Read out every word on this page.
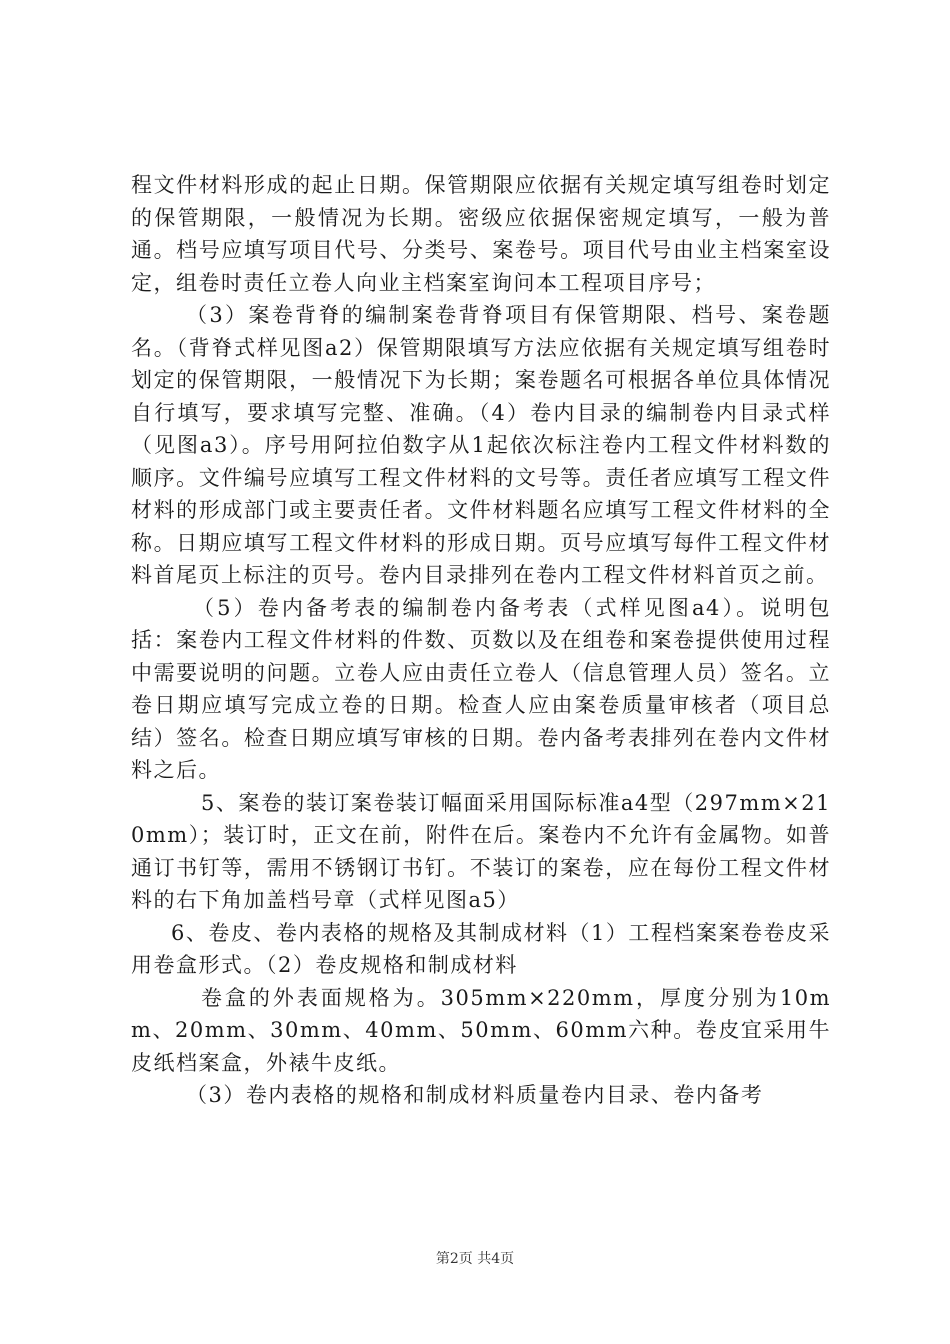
程文件材料形成的起止日期。保管期限应依据有关规定填写组卷时划定的保管期限，一般情况为长期。密级应依据保密规定填写，一般为普通。档号应填写项目代号、分类号、案卷号。项目代号由业主档案室设定，组卷时责任立卷人向业主档案室询问本工程项目序号；

（3）案卷背脊的编制案卷背脊项目有保管期限、档号、案卷题名。（背脊式样见图a2）保管期限填写方法应依据有关规定填写组卷时划定的保管期限，一般情况下为长期；案卷题名可根据各单位具体情况自行填写，要求填写完整、准确。（4）卷内目录的编制卷内目录式样（见图a3）。序号用阿拉伯数字从1起依次标注卷内工程文件材料数的顺序。文件编号应填写工程文件材料的文号等。责任者应填写工程文件材料的形成部门或主要责任者。文件材料题名应填写工程文件材料的全称。日期应填写工程文件材料的形成日期。页号应填写每件工程文件材料首尾页上标注的页号。卷内目录排列在卷内工程文件材料首页之前。

（5）卷内备考表的编制卷内备考表（式样见图a4）。说明包括：案卷内工程文件材料的件数、页数以及在组卷和案卷提供使用过程中需要说明的问题。立卷人应由责任立卷人（信息管理人员）签名。立卷日期应填写完成立卷的日期。检查人应由案卷质量审核者（项目总结）签名。检查日期应填写审核的日期。卷内备考表排列在卷内文件材料之后。

5、案卷的装订案卷装订幅面采用国际标准a4型（297mm×210mm）；装订时，正文在前，附件在后。案卷内不允许有金属物。如普通订书钉等，需用不锈钢订书钉。不装订的案卷，应在每份工程文件材料的右下角加盖档号章（式样见图a5）

6、卷皮、卷内表格的规格及其制成材料（1）工程档案案卷卷皮采用卷盒形式。（2）卷皮规格和制成材料

卷盒的外表面规格为。305mm×220mm，厚度分别为10mm、20mm、30mm、40mm、50mm、60mm六种。卷皮宜采用牛皮纸档案盒，外裱牛皮纸。

（3）卷内表格的规格和制成材料质量卷内目录、卷内备考

第2页 共4页
